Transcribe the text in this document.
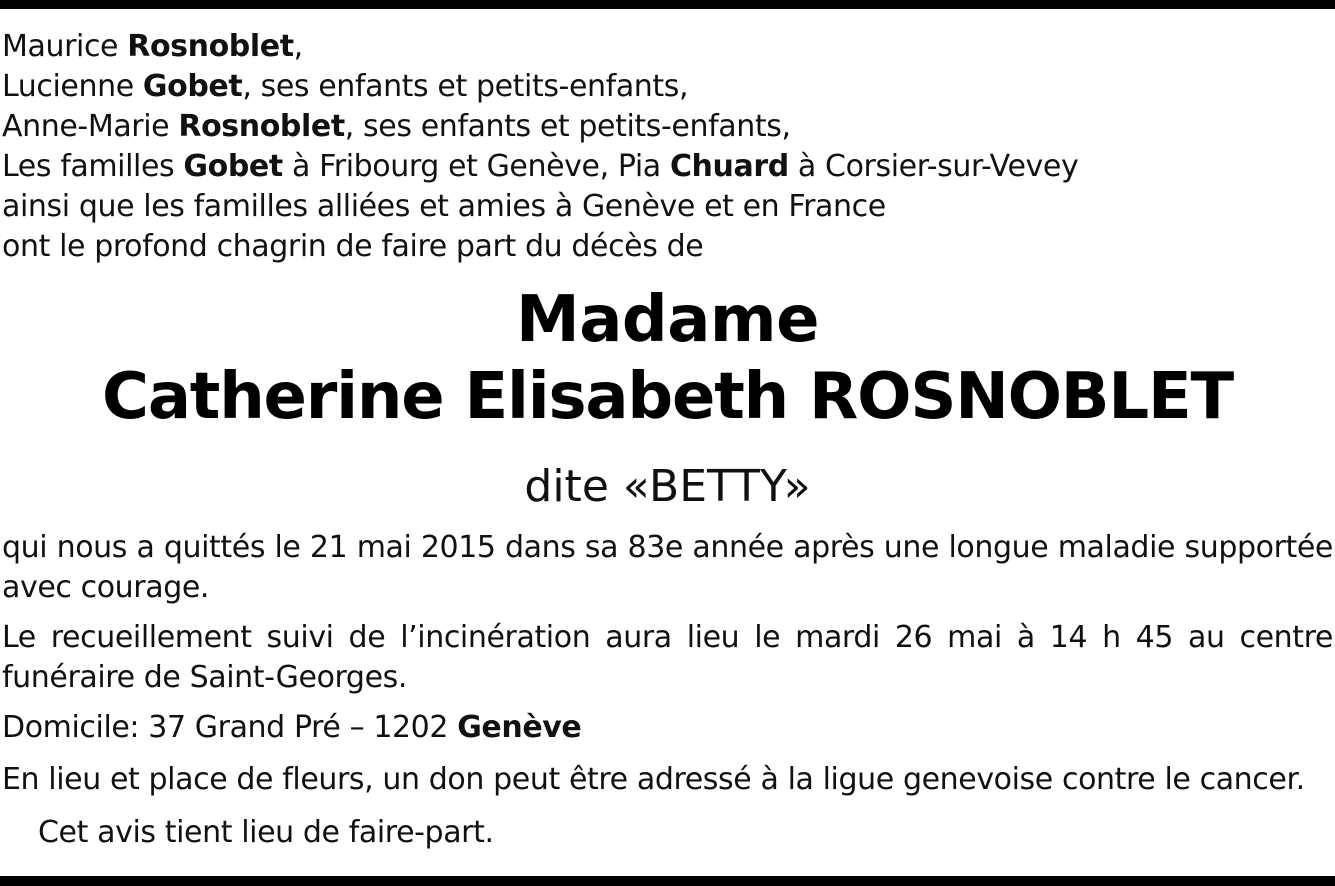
Maurice Rosnoblet,
Lucienne Gobet, ses enfants et petits-enfants,
Anne-Marie Rosnoblet, ses enfants et petits-enfants,
Les familles Gobet à Fribourg et Genève, Pia Chuard à Corsier-sur-Vevey
ainsi que les familles alliées et amies à Genève et en France
ont le profond chagrin de faire part du décès de
Madame
Catherine Elisabeth ROSNOBLET
dite «BETTY»
qui nous a quittés le 21 mai 2015 dans sa 83e année après une longue maladie supportée
avec courage.
Le recueillement suivi de l’incinération aura lieu le mardi 26 mai à 14 h 45 au centre
funéraire de Saint-Georges.
Domicile: 37 Grand Pré – 1202 Genève
En lieu et place de fleurs, un don peut être adressé à la ligue genevoise contre le cancer.
Cet avis tient lieu de faire-part.
